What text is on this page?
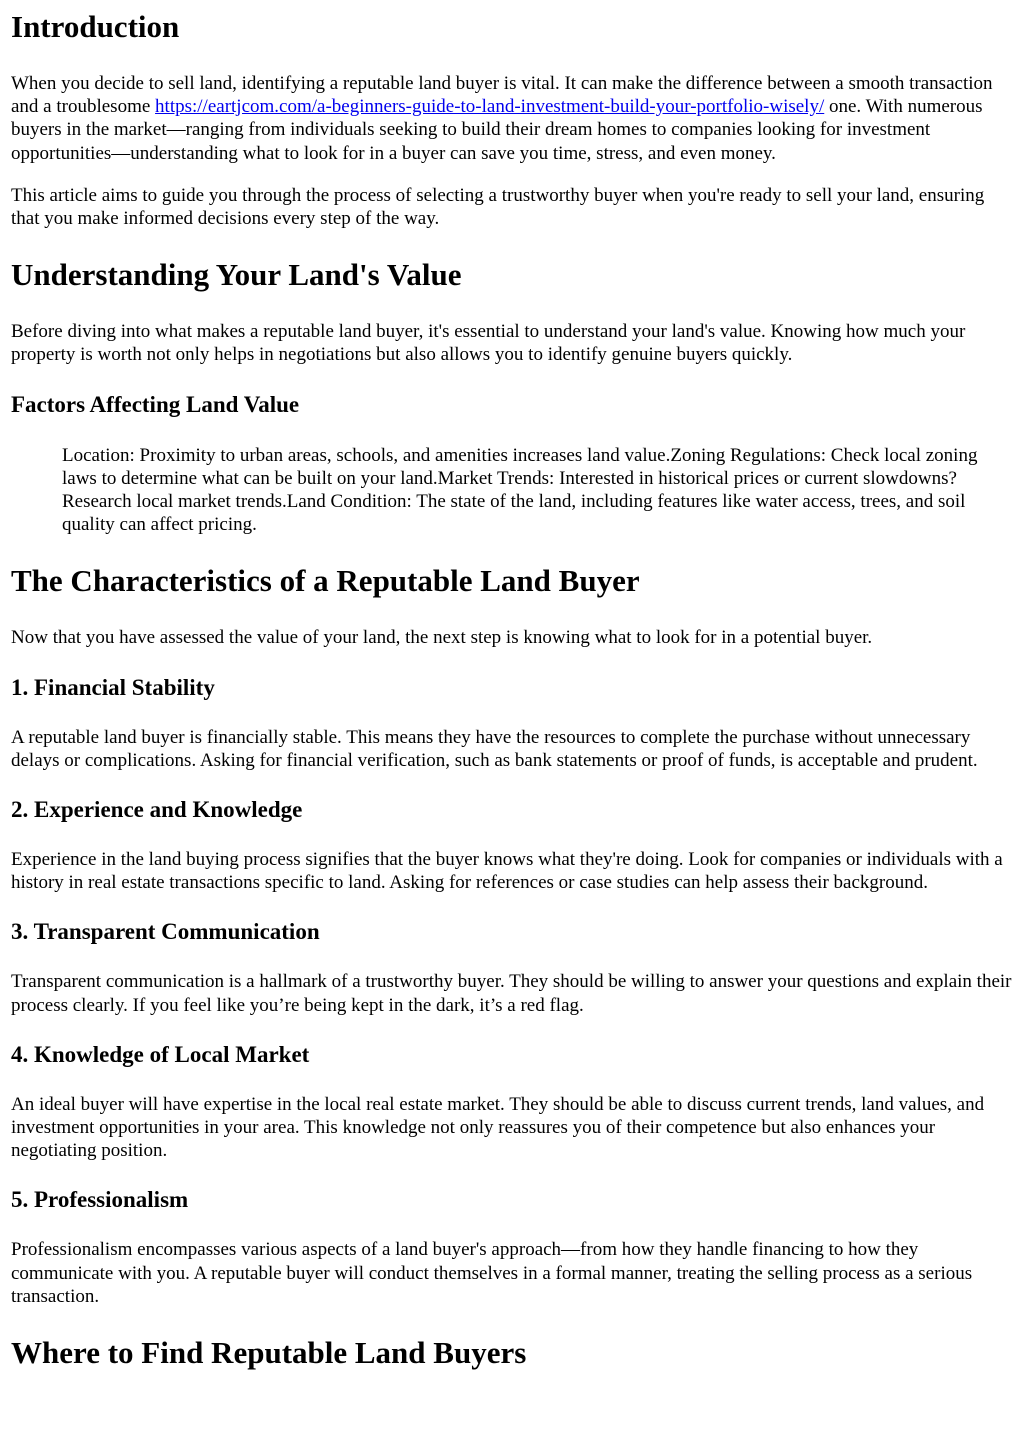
Introduction

When you decide to sell land, identifying a reputable land buyer is vital. It can make the difference between a smooth transaction and a troublesome https://eartjcom.com/a-beginners-guide-to-land-investment-build-your-portfolio-wisely/ one. With numerous buyers in the market—ranging from individuals seeking to build their dream homes to companies looking for investment opportunities—understanding what to look for in a buyer can save you time, stress, and even money.

This article aims to guide you through the process of selecting a trustworthy buyer when you're ready to sell your land, ensuring that you make informed decisions every step of the way.

Understanding Your Land's Value

Before diving into what makes a reputable land buyer, it's essential to understand your land's value. Knowing how much your property is worth not only helps in negotiations but also allows you to identify genuine buyers quickly.

Factors Affecting Land Value

Location: Proximity to urban areas, schools, and amenities increases land value.Zoning Regulations: Check local zoning laws to determine what can be built on your land.Market Trends: Interested in historical prices or current slowdowns? Research local market trends.Land Condition: The state of the land, including features like water access, trees, and soil quality can affect pricing.

The Characteristics of a Reputable Land Buyer

Now that you have assessed the value of your land, the next step is knowing what to look for in a potential buyer.

1. Financial Stability

A reputable land buyer is financially stable. This means they have the resources to complete the purchase without unnecessary delays or complications. Asking for financial verification, such as bank statements or proof of funds, is acceptable and prudent.

2. Experience and Knowledge

Experience in the land buying process signifies that the buyer knows what they're doing. Look for companies or individuals with a history in real estate transactions specific to land. Asking for references or case studies can help assess their background.

3. Transparent Communication

Transparent communication is a hallmark of a trustworthy buyer. They should be willing to answer your questions and explain their process clearly. If you feel like you’re being kept in the dark, it’s a red flag.

4. Knowledge of Local Market

An ideal buyer will have expertise in the local real estate market. They should be able to discuss current trends, land values, and investment opportunities in your area. This knowledge not only reassures you of their competence but also enhances your negotiating position.

5. Professionalism

Professionalism encompasses various aspects of a land buyer's approach—from how they handle financing to how they communicate with you. A reputable buyer will conduct themselves in a formal manner, treating the selling process as a serious transaction.

Where to Find Reputable Land Buyers
